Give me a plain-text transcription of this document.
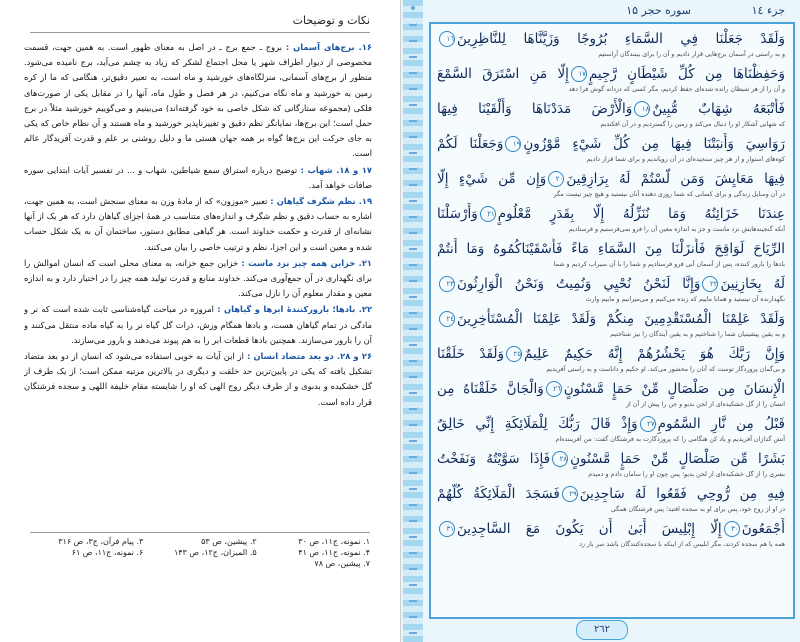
نکات و توضیحات

۱۶. برج‌های آسمان : بروج ـ جمع برج ـ در اصل به معنای ظهور است. به همین جهت، قسمت مخصوصی از دیوار اطراف شهر یا محل اجتماع لشکر که زیاد به چشم می‌آید، برج نامیده می‌شود. منظور از برج‌های آسمانی، منزلگاه‌های خورشید و ماه است، به تعبیر دقیق‌تر، هنگامی که ما از کره زمین به خورشید و ماه نگاه می‌کنیم، در هر فصل و طول ماه، آنها را در مقابل یکی از صورت‌های فلکی (مجموعه ستارگانی که شکل خاصی به خود گرفته‌اند) می‌بینیم و می‌گوییم خورشید مثلاً در برج حمل است؛ این برج‌ها، نمایانگر نظم دقیق و تغییرناپذیر خورشید و ماه هستند و آن نظام خاص که یکی به جای حرکت این برج‌ها گواه بر همه جهان هستی ما و دلیل روشنی بر علم و قدرت آفریدگار عالم است.

۱۷ و ۱۸. شهاب : توضیح درباره استراق سمع شیاطین، شهاب و ... در تفسیر آیات ابتدایی سوره صافات خواهد آمد.

۱۹. نظم شگرف گیاهان : تعبیر «موزون» که از مادۀ وزن به معنای سنجش است، به همین جهت، اشاره به حساب دقیق و نظم شگرف و اندازه‌های متناسب در همۀ اجزای گیاهان دارد که هر یک از آنها نشانه‌ای از قدرت و حکمت خداوند است. هر گیاهی مطابق دستور، ساختمان آن به یک شکل حساب شده و معین است و این اجزا، نظم و ترتیب خاصی را بیان می‌کنند.

۲۱. خزاین همه چیز نزد ماست : خزاین جمع خزانه، به معنای محلی است که انسان اموالش را برای نگهداری در آن جمع‌آوری می‌کند. خداوند منابع و قدرت تولید همه چیز را در اختیار دارد و به اندازه معین و مقدار معلوم آن را نازل می‌کند.

۲۲. بادها؛ بارورکنندۀ ابرها و گیاهان : امروزه در مباحث گیاه‌شناسی ثابت شده است که نر و مادگی در تمام گیاهان هست، و بادها همگام وزش، ذرات گل گیاه نر را به گیاه ماده منتقل می‌کنند و آن را بارور می‌سازند. همچنین بادها قطعات ابر را به هم پیوند می‌دهند و بارور می‌سازند.

۲۶ و ۲۸. دو بعد متضاد انسان : از این آیات به خوبی استفاده می‌شود که انسان از دو بعد متضاد تشکیل یافته که یکی در پایین‌ترین حد خلقت و دیگری در بالاترین مرتبه ممکن است؛ از یک طرف از گل خشکیده و بدبوی و از طرف دیگر روح الهی که او را شایسته مقام خلیفة اللهی و سجده فرشتگان قرار داده است.

۱. نمونه، ج۱۱، ص ۳۰
۲. پیشین، ص ۵۳
۳. پیام قرآن، ج۳، ص ۳۱۶
۴. نمونه، ج۱۱، ص ۴۱
۵. المیزان، ج۱۲، ص ۱۴۳
۶. نمونه، ج۱۱، ص ۶۱
۷. پیشین، ص ۷۸
جزء ۱٤
سوره حجر ۱۵
وَلَقَدْ جَعَلْنَا فِي السَّمَاءِ بُرُوجًا وَزَيَّنَّاهَا لِلنَّاظِرِينَ۱٦
و به راستی در آسمان برج‌هایی قرار دادیم و آن را برای بینندگان آراستیم
وَحَفِظْنَاهَا مِن كُلِّ شَيْطَانٍ رَّجِيمٍ۱۷إِلَّا مَنِ اسْتَرَقَ السَّمْعَ
و آن را از هر شیطان رانده شده‌ای حفظ کردیم، مگر کسی که دزدانه گوش فرا دهد
فَأَتْبَعَهُ شِهَابٌ مُّبِينٌ۱۸وَالْأَرْضَ مَدَدْنَاهَا وَأَلْقَيْنَا فِيهَا
که شهابی آشکار او را دنبال می‌کند و زمین را گستردیم و در آن افکندیم
رَوَاسِيَ وَأَنبَتْنَا فِيهَا مِن كُلِّ شَيْءٍ مَّوْزُونٍ۱۹وَجَعَلْنَا لَكُمْ
کوه‌های استوار و از هر چیز سنجیده‌ای در آن رویاندیم و برای شما قرار دادیم
فِيهَا مَعَايِشَ وَمَن لَّسْتُمْ لَهُ بِرَازِقِينَ۲۰وَإِن مِّن شَيْءٍ إِلَّا
در آن وسایل زندگی و برای کسانی که شما روزی دهنده آنان نیستید و هیچ چیز نیست مگر
عِندَنَا خَزَائِنُهُ وَمَا نُنَزِّلُهُ إِلَّا بِقَدَرٍ مَّعْلُومٍ۲۱وَأَرْسَلْنَا
آنکه گنجینه‌هایش نزد ماست و جز به اندازه معین آن را فرو نمی‌فرستیم و فرستادیم
الرِّيَاحَ لَوَاقِحَ فَأَنزَلْنَا مِنَ السَّمَاءِ مَاءً فَأَسْقَيْنَاكُمُوهُ وَمَا أَنتُمْ
بادها را بارور کننده، پس از آسمان آبی فرو فرستادیم و شما را با آن سیراب کردیم و شما
لَهُ بِخَازِنِينَ۲۲وَإِنَّا لَنَحْنُ نُحْيِي وَنُمِيتُ وَنَحْنُ الْوَارِثُونَ۲۳
نگهدارنده آن نیستید و همانا ماییم که زنده می‌کنیم و می‌میرانیم و ماییم وارث
وَلَقَدْ عَلِمْنَا الْمُسْتَقْدِمِينَ مِنكُمْ وَلَقَدْ عَلِمْنَا الْمُسْتَأْخِرِينَ۲٤
و به یقین پیشینیان شما را شناختیم و به یقین آیندگان را نیز شناختیم
وَإِنَّ رَبَّكَ هُوَ يَحْشُرُهُمْ إِنَّهُ حَكِيمٌ عَلِيمٌ۲۵وَلَقَدْ خَلَقْنَا
و بی‌گمان پروردگار توست که آنان را محشور می‌کند، او حکیم و داناست و به راستی آفریدیم
الْإِنسَانَ مِن صَلْصَالٍ مِّنْ حَمَإٍ مَّسْنُونٍ۲٦وَالْجَانَّ خَلَقْنَاهُ مِن
انسان را از گل خشکیده‌ای از لجن بدبو و جن را پیش از آن از
قَبْلُ مِن نَّارِ السَّمُومِ۲۷وَإِذْ قَالَ رَبُّكَ لِلْمَلَائِكَةِ إِنِّي خَالِقٌ
آتش گدازان آفریدیم و یاد کن هنگامی را که پروردگارت به فرشتگان گفت: من آفریننده‌ام
بَشَرًا مِّن صَلْصَالٍ مِّنْ حَمَإٍ مَّسْنُونٍ۲۸فَإِذَا سَوَّيْتُهُ وَنَفَخْتُ
بشری را از گل خشکیده‌ای از لجن بدبو؛ پس چون او را سامان دادم و دمیدم
فِيهِ مِن رُّوحِي فَقَعُوا لَهُ سَاجِدِينَ۲۹فَسَجَدَ الْمَلَائِكَةُ كُلُّهُمْ
در او از روح خود، پس برای او به سجده افتید؛ پس فرشتگان همگی
أَجْمَعُونَ۳۰إِلَّا إِبْلِيسَ أَبَىٰ أَن يَكُونَ مَعَ السَّاجِدِينَ۳۱
همه با هم سجده کردند، مگر ابلیس که از اینکه با سجده‌کنندگان باشد سر باز زد
۲٦۲
